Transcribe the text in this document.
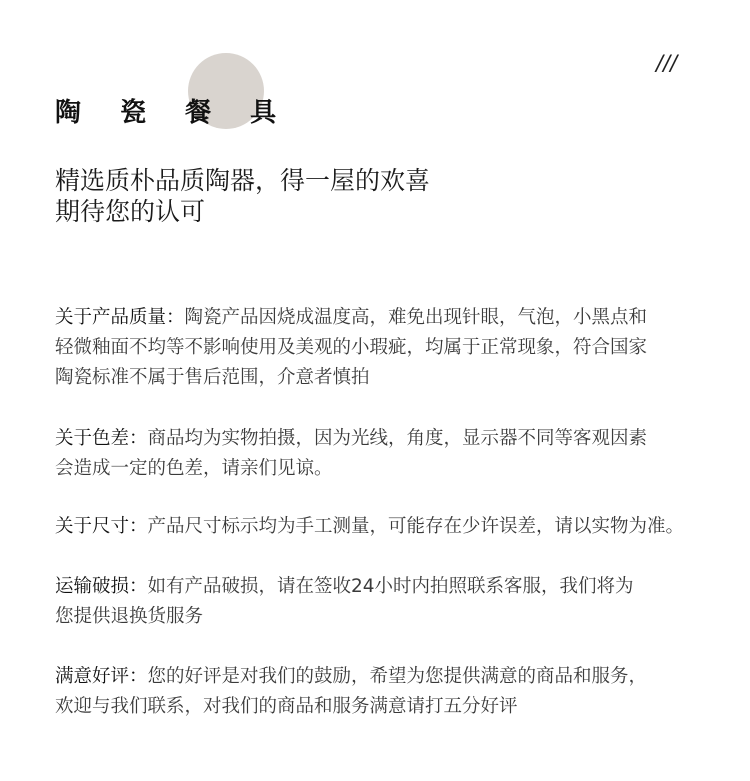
///
陶 瓷 餐 具
精选质朴品质陶器，得一屋的欢喜
期待您的认可
关于产品质量：陶瓷产品因烧成温度高，难免出现针眼，气泡，小黑点和
轻微釉面不均等不影响使用及美观的小瑕疵，均属于正常现象，符合国家
陶瓷标准不属于售后范围，介意者慎拍
关于色差：商品均为实物拍摄，因为光线，角度，显示器不同等客观因素
会造成一定的色差，请亲们见谅。
关于尺寸：产品尺寸标示均为手工测量，可能存在少许误差，请以实物为准。
运输破损：如有产品破损，请在签收24小时内拍照联系客服，我们将为
您提供退换货服务
满意好评：您的好评是对我们的鼓励，希望为您提供满意的商品和服务，
欢迎与我们联系，对我们的商品和服务满意请打五分好评
